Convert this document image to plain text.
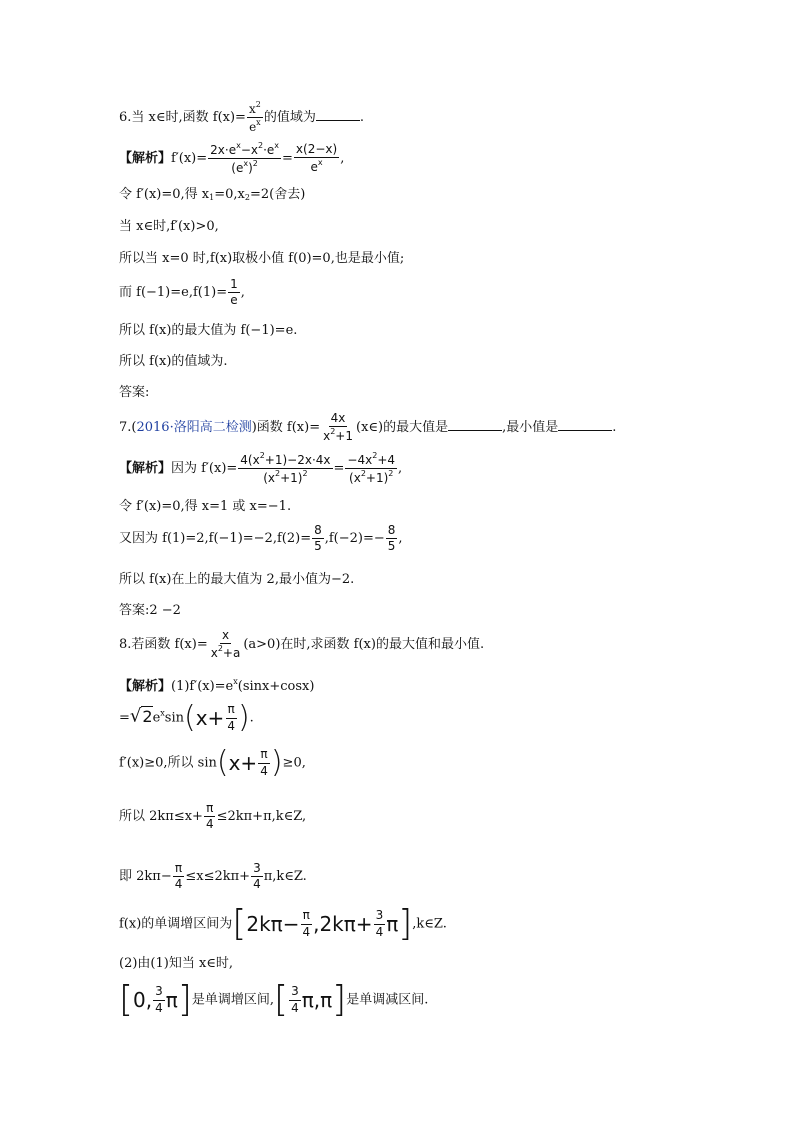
6.当 x∈时,函数 $f(x)= \frac{x^2}{e^x}$ 的值域为	.
【解析】$f'(x)= \frac{2x\cdot e^x-x^2\cdot e^x}{(e^x)^2} = \frac{x(2-x)}{e^x}$ ,
令 f′(x)=0,得 $x_1=0,x_2=2$(舍去)
当 x∈时,f′(x)>0,
所以当 x=0 时,f(x)取极小值 f(0)=0,也是最小值;
而 $f(-1)=e,f(1)= \frac{1}{e}$ ,
所以 f(x)的最大值为 f(−1)=e.
所以 f(x)的值域为.
答案:
7.(2016·洛阳高二检测)函数 $f(x)= \frac{4x}{x^2+1}$ (x∈)的最大值是	,最小值是	.
【解析】因为 $f'(x)= \frac{4(x^2+1)-2x\cdot 4x}{(x^2+1)^2} = \frac{-4x^2+4}{(x^2+1)^2}$ ,
令 f′(x)=0,得 x=1 或 x=−1.
又因为 $f(1)=2,f(-1)=-2,f(2)= \frac{8}{5} ,f(-2)=- \frac{8}{5}$ ,
所以 f(x)在上的最大值为 2,最小值为−2.
答案:2 −2
8.若函数 $f(x)= \frac{x}{x^2+a} (a>0)$在时,求函数 f(x)的最大值和最小值.
【解析】$(1)f'(x)=e^x(\sin x+\cos x)$
$=√2e^x\sin(x+ \frac{\pi}{4}$ ).
f′(x)≥0,所以 $\sin(x+ \frac{\pi}{4} )\ge 0$,
所以 $2k\pi\le x+ \frac{\pi}{4}$ ≤2kπ+π,k∈Z,
即 $2k\pi- \frac{\pi}{4} \le x\le 2k\pi+ \frac{3}{4}$ π,k∈Z.
f(x)的单调增区间为[$2k\pi- \frac{\pi}{4} ,2k\pi+ \frac{3}{4}$ π],k∈Z.
(2)由(1)知当 x∈时,
[0, $\frac{3}{4} \pi$]是单调增区间,[ $\frac{3}{4} \pi,\pi$]是单调减区间.
